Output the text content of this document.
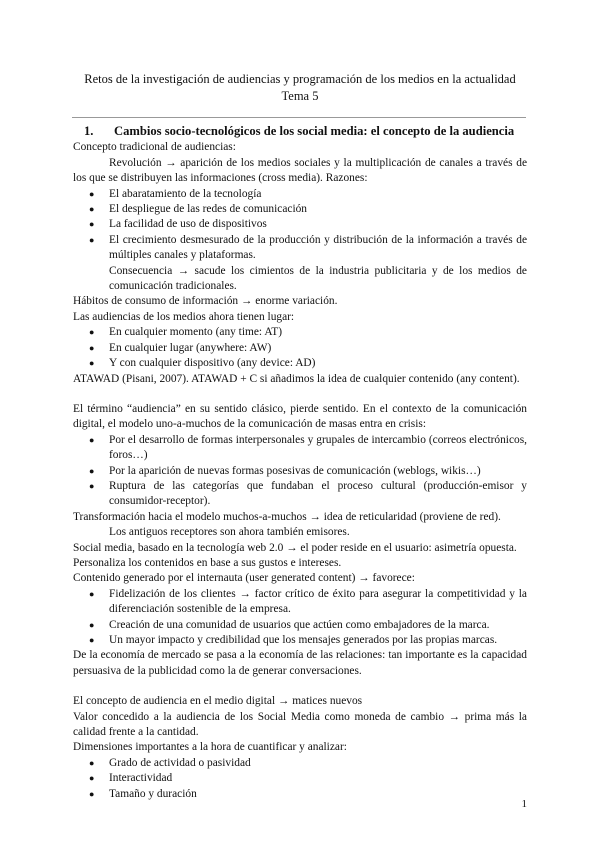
Retos de la investigación de audiencias y programación de los medios en la actualidad
Tema 5
1.	Cambios socio-tecnológicos de los social media: el concepto de la audiencia

Concepto tradicional de audiencias:

Revolución → aparición de los medios sociales y la multiplicación de canales a través de los que se distribuyen las informaciones (cross media). Razones:

● El abaratamiento de la tecnología
● El despliegue de las redes de comunicación
● La facilidad de uso de dispositivos
● El crecimiento desmesurado de la producción y distribución de la información a través de múltiples canales y plataformas.

Consecuencia → sacude los cimientos de la industria publicitaria y de los medios de comunicación tradicionales.

Hábitos de consumo de información → enorme variación.

Las audiencias de los medios ahora tienen lugar:

● En cualquier momento (any time: AT)
● En cualquier lugar (anywhere: AW)
● Y con cualquier dispositivo (any device: AD)

ATAWAD (Pisani, 2007). ATAWAD + C si añadimos la idea de cualquier contenido (any content).

El término “audiencia” en su sentido clásico, pierde sentido. En el contexto de la comunicación digital, el modelo uno-a-muchos de la comunicación de masas entra en crisis:

● Por el desarrollo de formas interpersonales y grupales de intercambio (correos electrónicos, foros…)
● Por la aparición de nuevas formas posesivas de comunicación (weblogs, wikis…)
● Ruptura de las categorías que fundaban el proceso cultural (producción-emisor y consumidor-receptor).

Transformación hacia el modelo muchos-a-muchos → idea de reticularidad (proviene de red).

Los antiguos receptores son ahora también emisores.

Social media, basado en la tecnología web 2.0 → el poder reside en el usuario: asimetría opuesta.

Personaliza los contenidos en base a sus gustos e intereses.

Contenido generado por el internauta (user generated content) → favorece:

● Fidelización de los clientes → factor crítico de éxito para asegurar la competitividad y la diferenciación sostenible de la empresa.
● Creación de una comunidad de usuarios que actúen como embajadores de la marca.
● Un mayor impacto y credibilidad que los mensajes generados por las propias marcas.

De la economía de mercado se pasa a la economía de las relaciones: tan importante es la capacidad persuasiva de la publicidad como la de generar conversaciones.

El concepto de audiencia en el medio digital → matices nuevos

Valor concedido a la audiencia de los Social Media como moneda de cambio → prima más la calidad frente a la cantidad.

Dimensiones importantes a la hora de cuantificar y analizar:

● Grado de actividad o pasividad
● Interactividad
● Tamaño y duración
1
